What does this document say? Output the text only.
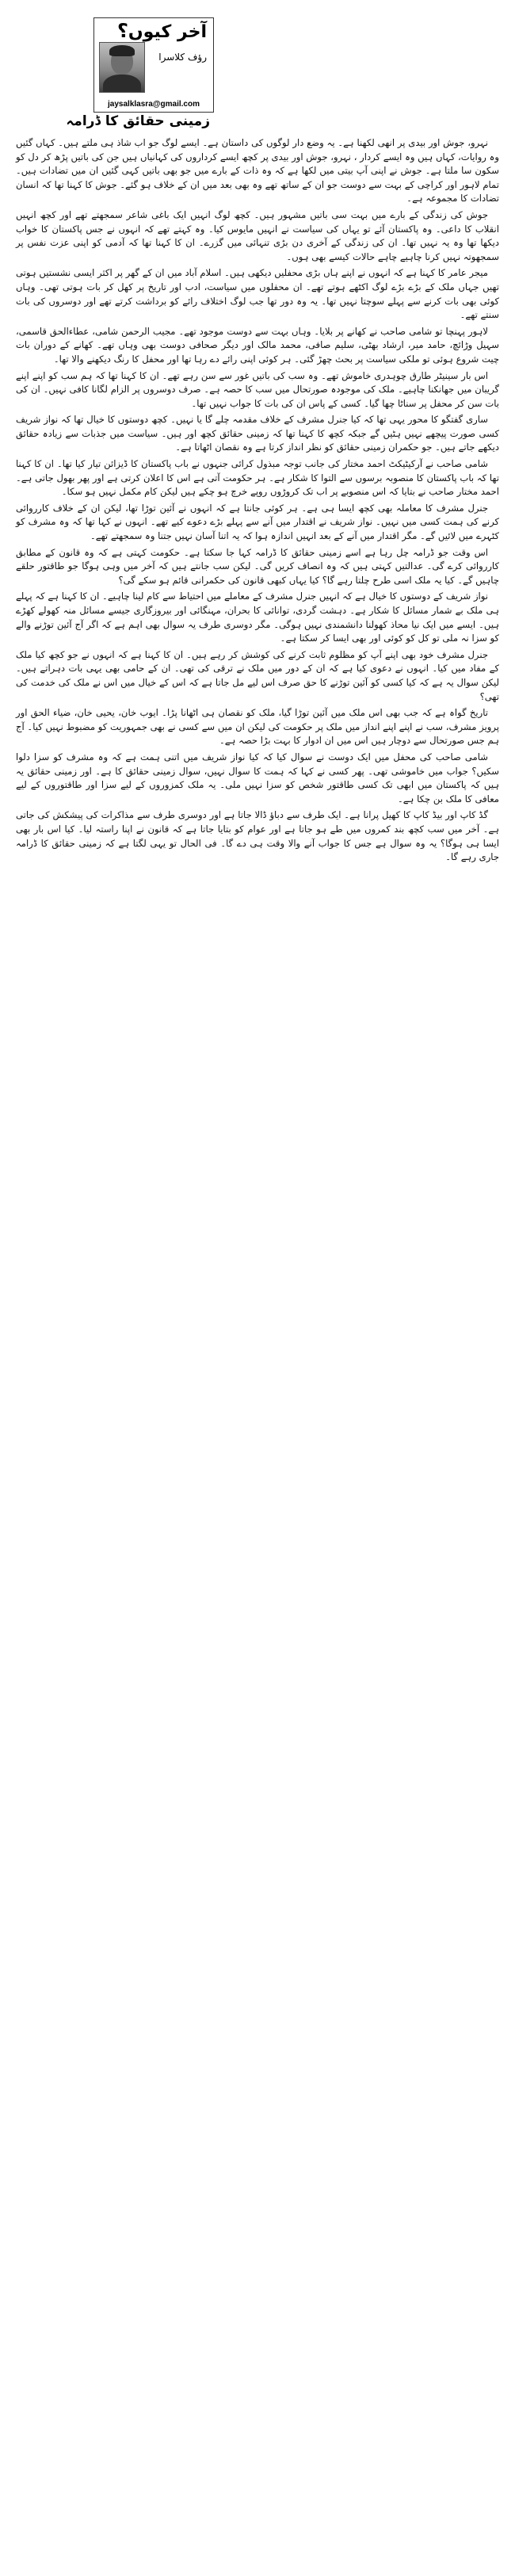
آخر کیوں؟
رؤف کلاسرا
jaysalklasra@gmail.com
زمینی حقائق کا ڈرامہ

نہرو، جوش اور بیدی پر انھی لکھنا ہے۔ یہ وضع دار لوگوں کی داستان ہے۔ ایسے لوگ جو اب شاذ ہی ملتے ہیں۔ کہاں گئیں وہ روایات، کہاں ہیں وہ ایسے کردار ، نہرو، جوش اور بیدی پر کچھ ایسے کرداروں کی کہانیاں ہیں جن کی باتیں پڑھ کر دل کو سکون سا ملتا ہے۔ جوش نے اپنی آپ بیتی میں لکھا ہے کہ وہ ذات کے بارے میں جو بھی باتیں کہی گئیں ان میں تضادات ہیں۔ تمام لاہور اور کراچی کے بہت سے دوست جو ان کے ساتھ تھے وہ بھی بعد میں ان کے خلاف ہو گئے۔ جوش کا کہنا تھا کہ انسان تضادات کا مجموعہ ہے۔

جوش کی زندگی کے بارے میں بہت سی باتیں مشہور ہیں۔ کچھ لوگ انہیں ایک باغی شاعر سمجھتے تھے اور کچھ انہیں انقلاب کا داعی۔ وہ پاکستان آئے تو یہاں کی سیاست نے انہیں مایوس کیا۔ وہ کہتے تھے کہ انہوں نے جس پاکستان کا خواب دیکھا تھا وہ یہ نہیں تھا۔ ان کی زندگی کے آخری دن بڑی تنہائی میں گزرے۔ ان کا کہنا تھا کہ آدمی کو اپنی عزت نفس پر سمجھوتہ نہیں کرنا چاہیے چاہے حالات کیسے بھی ہوں۔

میجر عامر کا کہنا ہے کہ انہوں نے اپنے ہاں بڑی محفلیں دیکھی ہیں۔ اسلام آباد میں ان کے گھر پر اکثر ایسی نشستیں ہوتی تھیں جہاں ملک کے بڑے بڑے لوگ اکٹھے ہوتے تھے۔ ان محفلوں میں سیاست، ادب اور تاریخ پر کھل کر بات ہوتی تھی۔ وہاں کوئی بھی بات کرنے سے پہلے سوچتا نہیں تھا۔ یہ وہ دور تھا جب لوگ اختلاف رائے کو برداشت کرتے تھے اور دوسروں کی بات سنتے تھے۔

لاہور پہنچا تو شامی صاحب نے کھانے پر بلایا۔ وہاں بہت سے دوست موجود تھے۔ مجیب الرحمن شامی، عطاءالحق قاسمی، سہیل وڑائچ، حامد میر، ارشاد بھٹی، سلیم صافی، محمد مالک اور دیگر صحافی دوست بھی وہاں تھے۔ کھانے کے دوران بات چیت شروع ہوئی تو ملکی سیاست پر بحث چھڑ گئی۔ ہر کوئی اپنی رائے دے رہا تھا اور محفل کا رنگ دیکھنے والا تھا۔

اس بار سینیٹر طارق چوہدری خاموش تھے۔ وہ سب کی باتیں غور سے سن رہے تھے۔ ان کا کہنا تھا کہ ہم سب کو اپنے اپنے گریبان میں جھانکنا چاہیے۔ ملک کی موجودہ صورتحال میں سب کا حصہ ہے۔ صرف دوسروں پر الزام لگانا کافی نہیں۔ ان کی بات سن کر محفل پر سناٹا چھا گیا۔ کسی کے پاس ان کی بات کا جواب نہیں تھا۔

ساری گفتگو کا محور یہی تھا کہ کیا جنرل مشرف کے خلاف مقدمہ چلے گا یا نہیں۔ کچھ دوستوں کا خیال تھا کہ نواز شریف کسی صورت پیچھے نہیں ہٹیں گے جبکہ کچھ کا کہنا تھا کہ زمینی حقائق کچھ اور ہیں۔ سیاست میں جذبات سے زیادہ حقائق دیکھے جاتے ہیں۔ جو حکمران زمینی حقائق کو نظر انداز کرتا ہے وہ نقصان اٹھاتا ہے۔

شامی صاحب نے آرکیٹیکٹ احمد مختار کی جانب توجہ مبذول کرائی جنہوں نے باب پاکستان کا ڈیزائن تیار کیا تھا۔ ان کا کہنا تھا کہ باب پاکستان کا منصوبہ برسوں سے التوا کا شکار ہے۔ ہر حکومت آتی ہے اس کا اعلان کرتی ہے اور پھر بھول جاتی ہے۔ احمد مختار صاحب نے بتایا کہ اس منصوبے پر اب تک کروڑوں روپے خرچ ہو چکے ہیں لیکن کام مکمل نہیں ہو سکا۔

جنرل مشرف کا معاملہ بھی کچھ ایسا ہی ہے۔ ہر کوئی جانتا ہے کہ انہوں نے آئین توڑا تھا، لیکن ان کے خلاف کارروائی کرنے کی ہمت کسی میں نہیں۔ نواز شریف نے اقتدار میں آنے سے پہلے بڑے دعوے کیے تھے۔ انہوں نے کہا تھا کہ وہ مشرف کو کٹہرے میں لائیں گے۔ مگر اقتدار میں آنے کے بعد انہیں اندازہ ہوا کہ یہ اتنا آسان نہیں جتنا وہ سمجھتے تھے۔

اس وقت جو ڈرامہ چل رہا ہے اسے زمینی حقائق کا ڈرامہ کہا جا سکتا ہے۔ حکومت کہتی ہے کہ وہ قانون کے مطابق کارروائی کرے گی۔ عدالتیں کہتی ہیں کہ وہ انصاف کریں گی۔ لیکن سب جانتے ہیں کہ آخر میں وہی ہوگا جو طاقتور حلقے چاہیں گے۔ کیا یہ ملک اسی طرح چلتا رہے گا؟ کیا یہاں کبھی قانون کی حکمرانی قائم ہو سکے گی؟

نواز شریف کے دوستوں کا خیال ہے کہ انہیں جنرل مشرف کے معاملے میں احتیاط سے کام لینا چاہیے۔ ان کا کہنا ہے کہ پہلے ہی ملک بے شمار مسائل کا شکار ہے۔ دہشت گردی، توانائی کا بحران، مہنگائی اور بیروزگاری جیسے مسائل منہ کھولے کھڑے ہیں۔ ایسے میں ایک نیا محاذ کھولنا دانشمندی نہیں ہوگی۔ مگر دوسری طرف یہ سوال بھی اہم ہے کہ اگر آج آئین توڑنے والے کو سزا نہ ملی تو کل کو کوئی اور بھی ایسا کر سکتا ہے۔

جنرل مشرف خود بھی اپنے آپ کو مظلوم ثابت کرنے کی کوشش کر رہے ہیں۔ ان کا کہنا ہے کہ انہوں نے جو کچھ کیا ملک کے مفاد میں کیا۔ انہوں نے دعوی کیا ہے کہ ان کے دور میں ملک نے ترقی کی تھی۔ ان کے حامی بھی یہی بات دہراتے ہیں۔ لیکن سوال یہ ہے کہ کیا کسی کو آئین توڑنے کا حق صرف اس لیے مل جاتا ہے کہ اس کے خیال میں اس نے ملک کی خدمت کی تھی؟

تاریخ گواہ ہے کہ جب بھی اس ملک میں آئین توڑا گیا، ملک کو نقصان ہی اٹھانا پڑا۔ ایوب خان، یحیی خان، ضیاء الحق اور پرویز مشرف، سب نے اپنے اپنے انداز میں ملک پر حکومت کی لیکن ان میں سے کسی نے بھی جمہوریت کو مضبوط نہیں کیا۔ آج ہم جس صورتحال سے دوچار ہیں اس میں ان ادوار کا بہت بڑا حصہ ہے۔

شامی صاحب کی محفل میں ایک دوست نے سوال کیا کہ کیا نواز شریف میں اتنی ہمت ہے کہ وہ مشرف کو سزا دلوا سکیں؟ جواب میں خاموشی تھی۔ پھر کسی نے کہا کہ ہمت کا سوال نہیں، سوال زمینی حقائق کا ہے۔ اور زمینی حقائق یہ ہیں کہ پاکستان میں ابھی تک کسی طاقتور شخص کو سزا نہیں ملی۔ یہ ملک کمزوروں کے لیے سزا اور طاقتوروں کے لیے معافی کا ملک بن چکا ہے۔

گڈ کاپ اور بیڈ کاپ کا کھیل پرانا ہے۔ ایک طرف سے دباؤ ڈالا جاتا ہے اور دوسری طرف سے مذاکرات کی پیشکش کی جاتی ہے۔ آخر میں سب کچھ بند کمروں میں طے ہو جاتا ہے اور عوام کو بتایا جاتا ہے کہ قانون نے اپنا راستہ لیا۔ کیا اس بار بھی ایسا ہی ہوگا؟ یہ وہ سوال ہے جس کا جواب آنے والا وقت ہی دے گا۔ فی الحال تو یہی لگتا ہے کہ زمینی حقائق کا ڈرامہ جاری رہے گا۔
